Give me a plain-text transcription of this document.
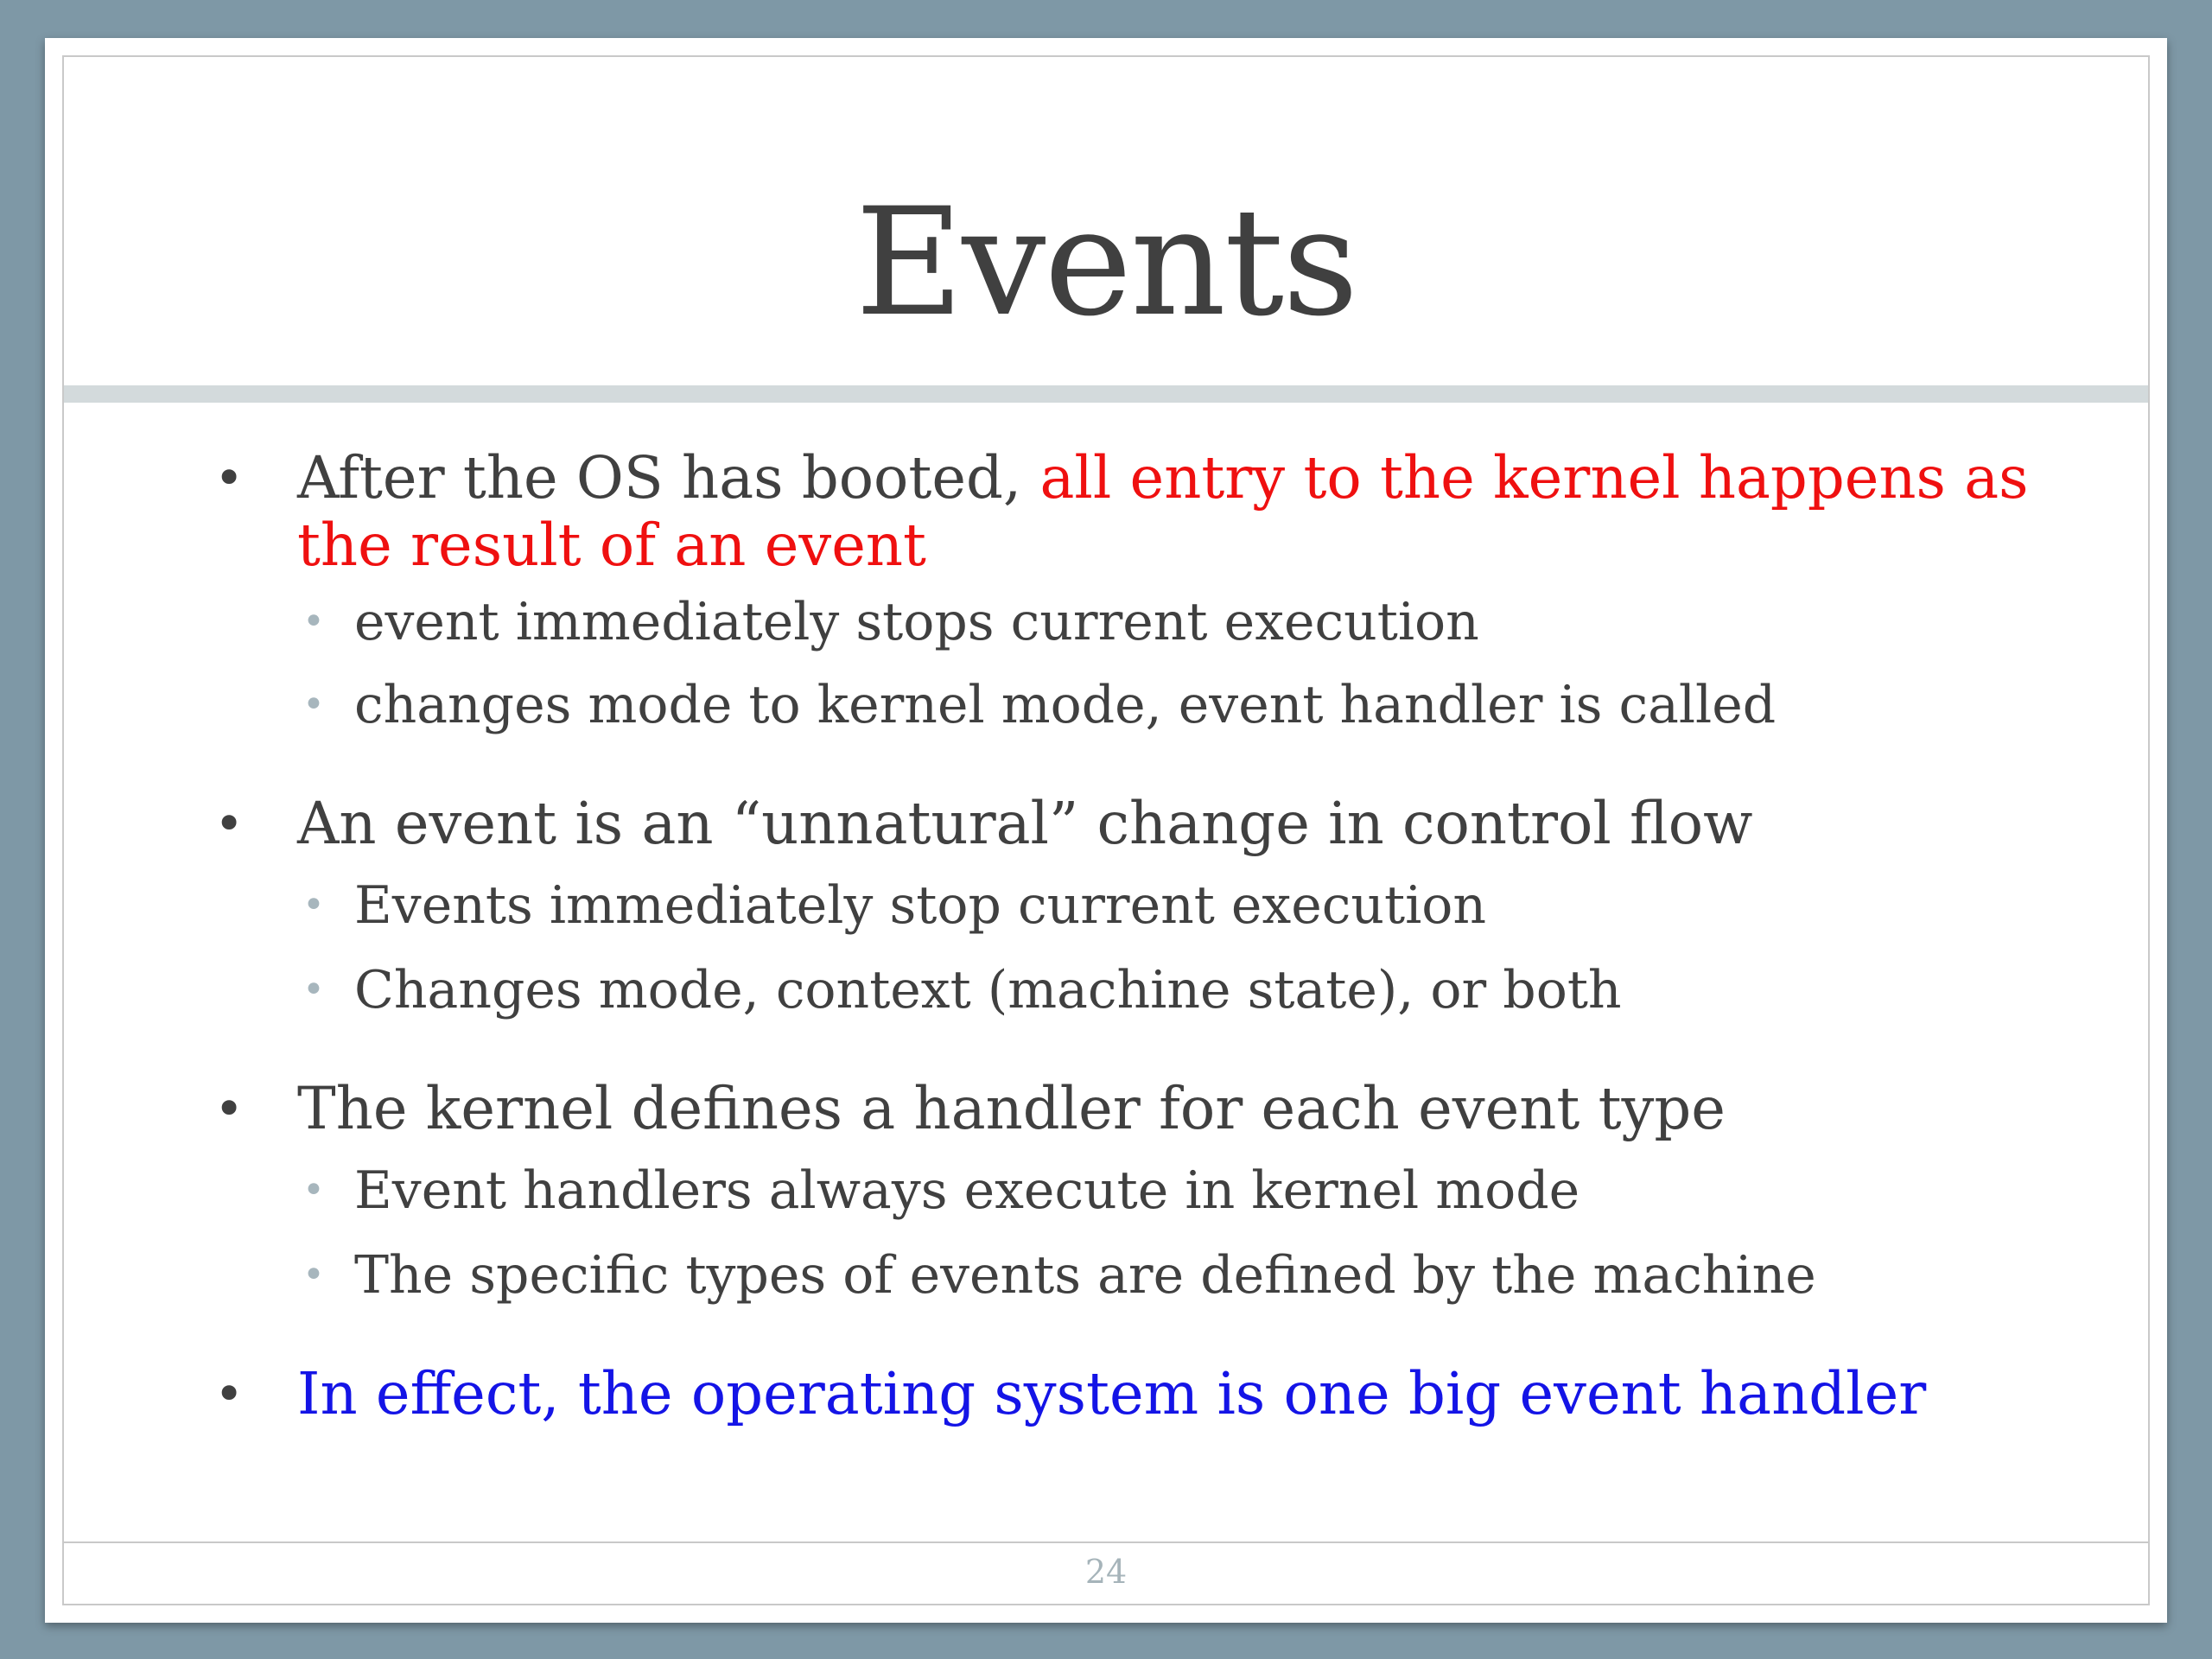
Events
• After the OS has booted, all entry to the kernel happens as the result of an event
• event immediately stops current execution
• changes mode to kernel mode, event handler is called
• An event is an “unnatural” change in control flow
• Events immediately stop current execution
• Changes mode, context (machine state), or both
• The kernel defines a handler for each event type
• Event handlers always execute in kernel mode
• The specific types of events are defined by the machine
• In effect, the operating system is one big event handler
24
